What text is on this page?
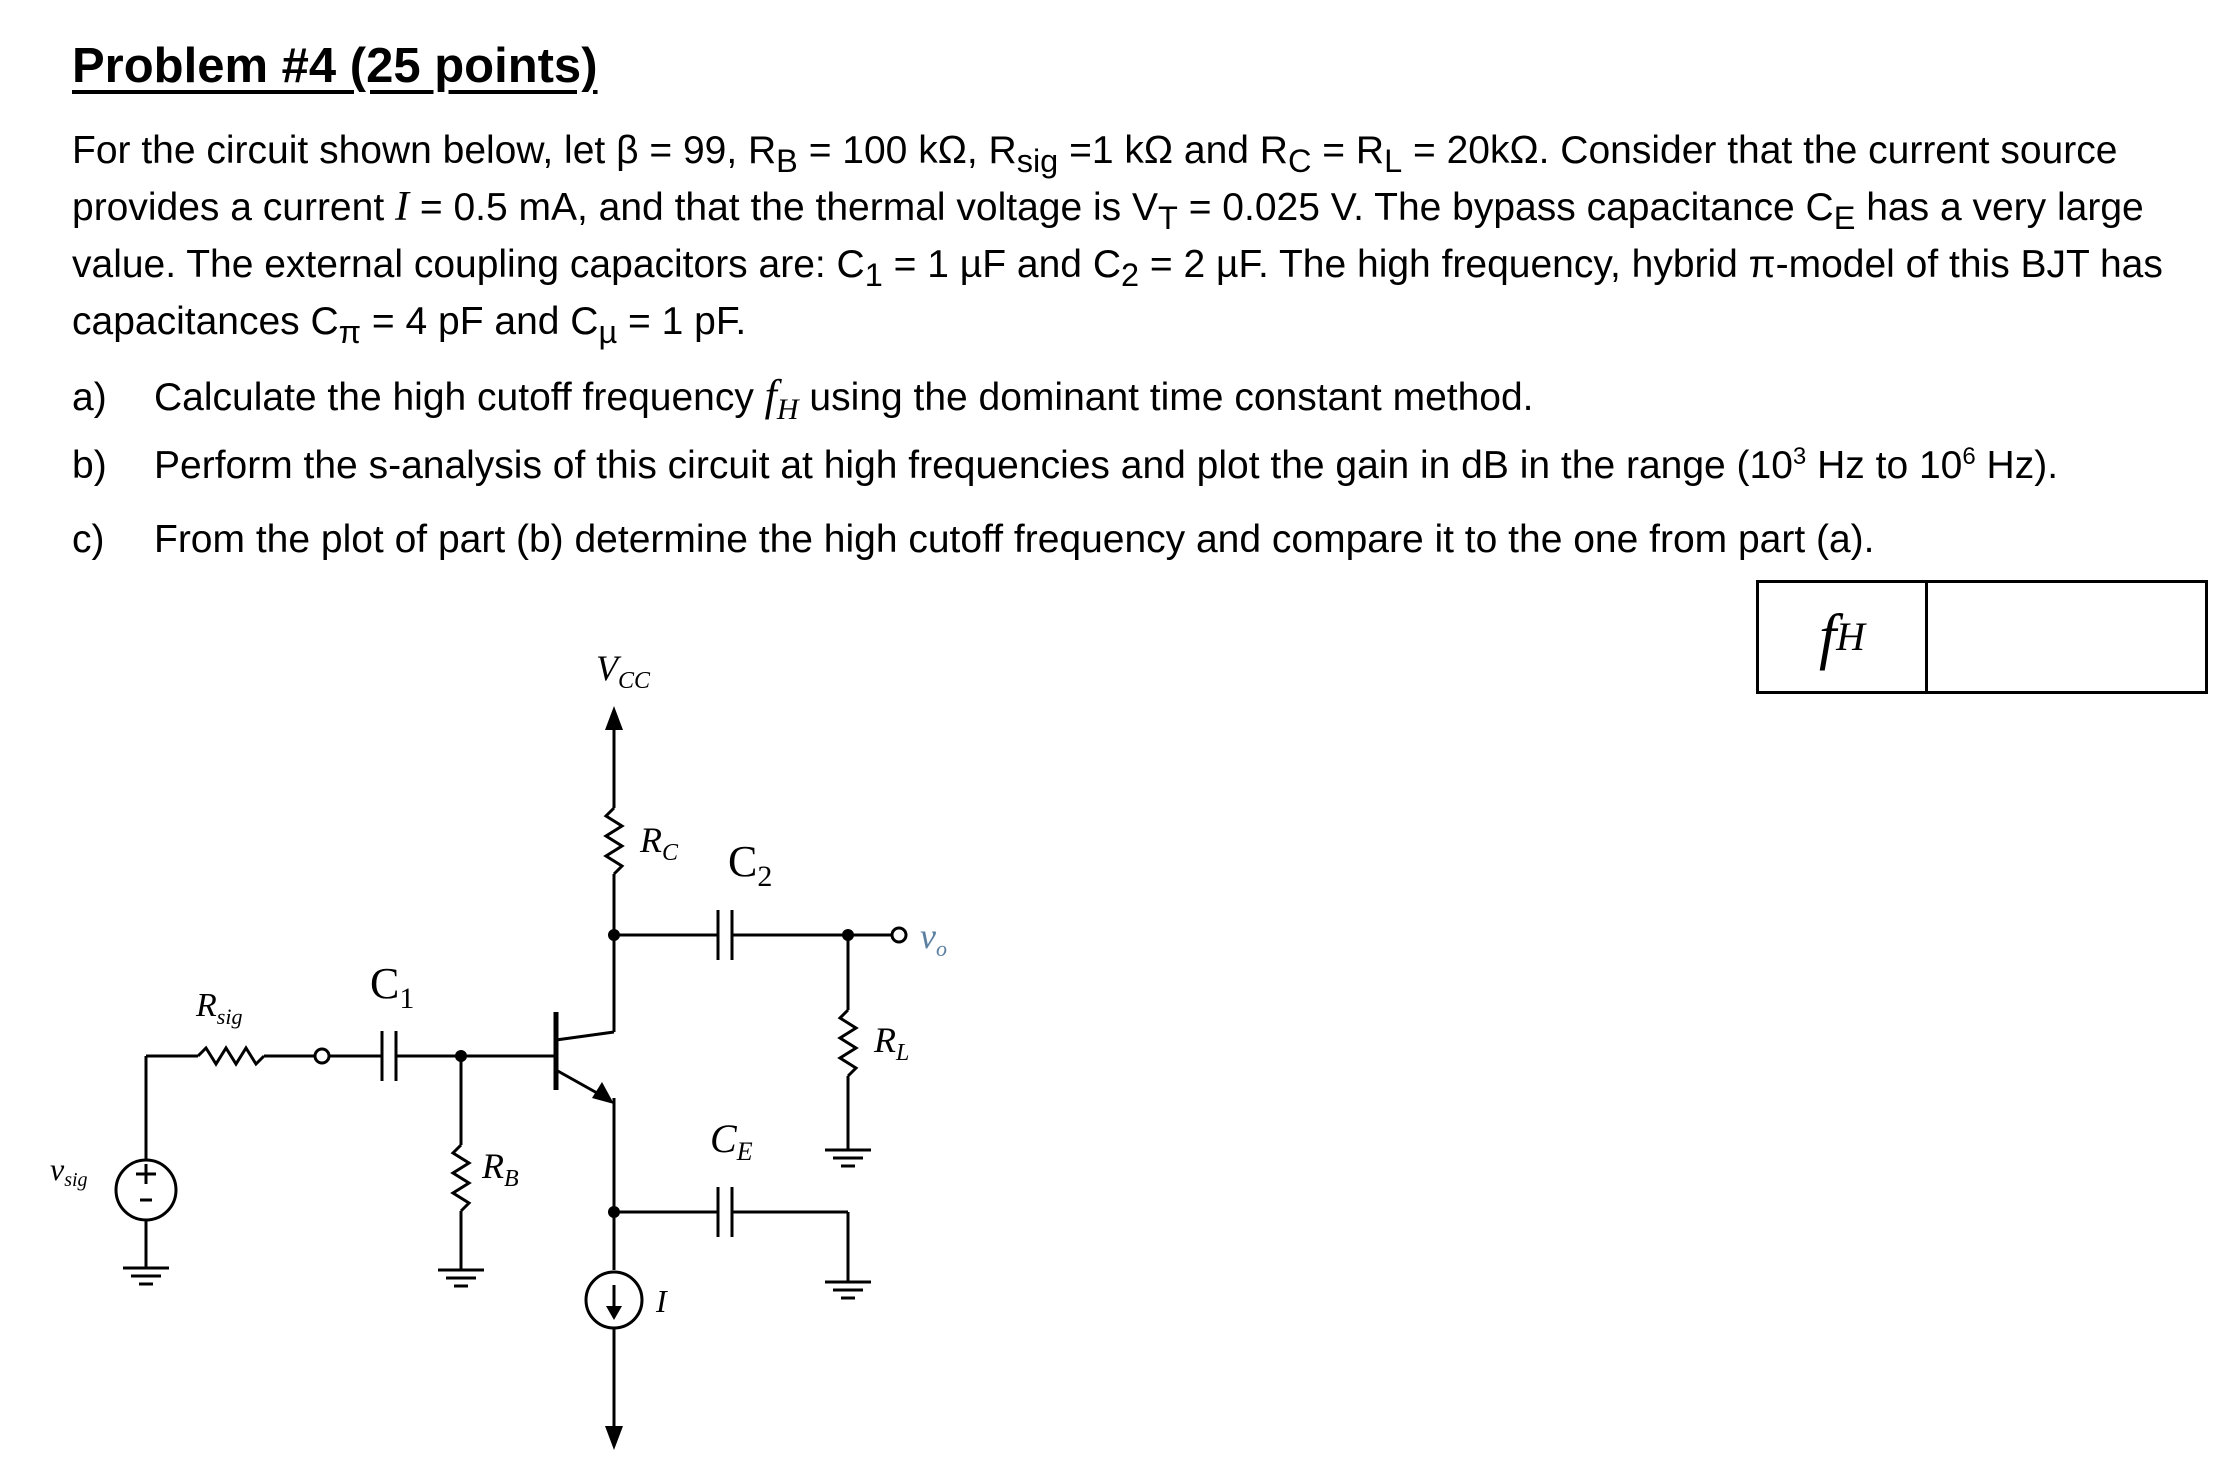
Problem #4 (25 points)
For the circuit shown below, let β = 99, $R_B = 100$ kΩ, $R_{sig} =1$ kΩ and $R_C = R_L = 20k\Omega$. Consider that the current source provides a current I = 0.5 mA, and that the thermal voltage is $V_T = 0.025$ V. The bypass capacitance $C_E$ has a very large value. The external coupling capacitors are: $C_1 = 1$ µF and $C_2 = 2$ µF. The high frequency, hybrid π-model of this BJT has capacitances $C_\pi = 4$ pF and $C_\mu = 1$ pF.
a) Calculate the high cutoff frequency $f_H$ using the dominant time constant method.
b) Perform the s-analysis of this circuit at high frequencies and plot the gain in dB in the range ($10^3$ Hz to $10^6$ Hz).
c) From the plot of part (b) determine the high cutoff frequency and compare it to the one from part (a).
f H
$V_{CC}$
$R_C$ $C_2$
$v_o$
$C_1$
$R_{sig}$
$R_L$
$C_E$
vsig	$R_B$
I
